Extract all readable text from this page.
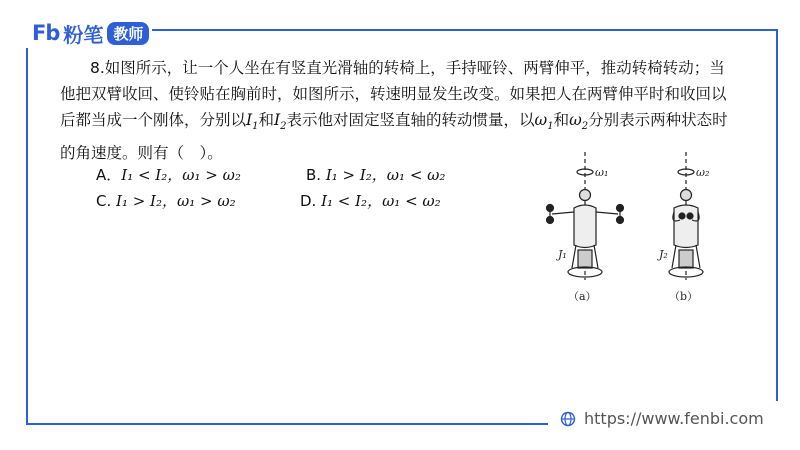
Fb 粉笔 教师

8.如图所示，让一个人坐在有竖直光滑轴的转椅上，手持哑铃、两臂伸平，推动转椅转动；当他把双臂收回、使铃贴在胸前时，如图所示，转速明显发生改变。如果把人在两臂伸平时和收回以后都当成一个刚体，分别以$I_1$和$I_2$表示他对固定竖直轴的转动惯量，以$\omega_1$和$\omega_2$分别表示两种状态时的角速度。则有（　）。

A．I₁ < I₂，ω₁ > ω₂	B. I₁ > I₂，ω₁ < ω₂
C. I₁ > I₂，ω₁ > ω₂	D. I₁ < I₂，ω₁ < ω₂
ω₁
J₁
（a）
ω₂
J₂
（b）
https://www.fenbi.com
